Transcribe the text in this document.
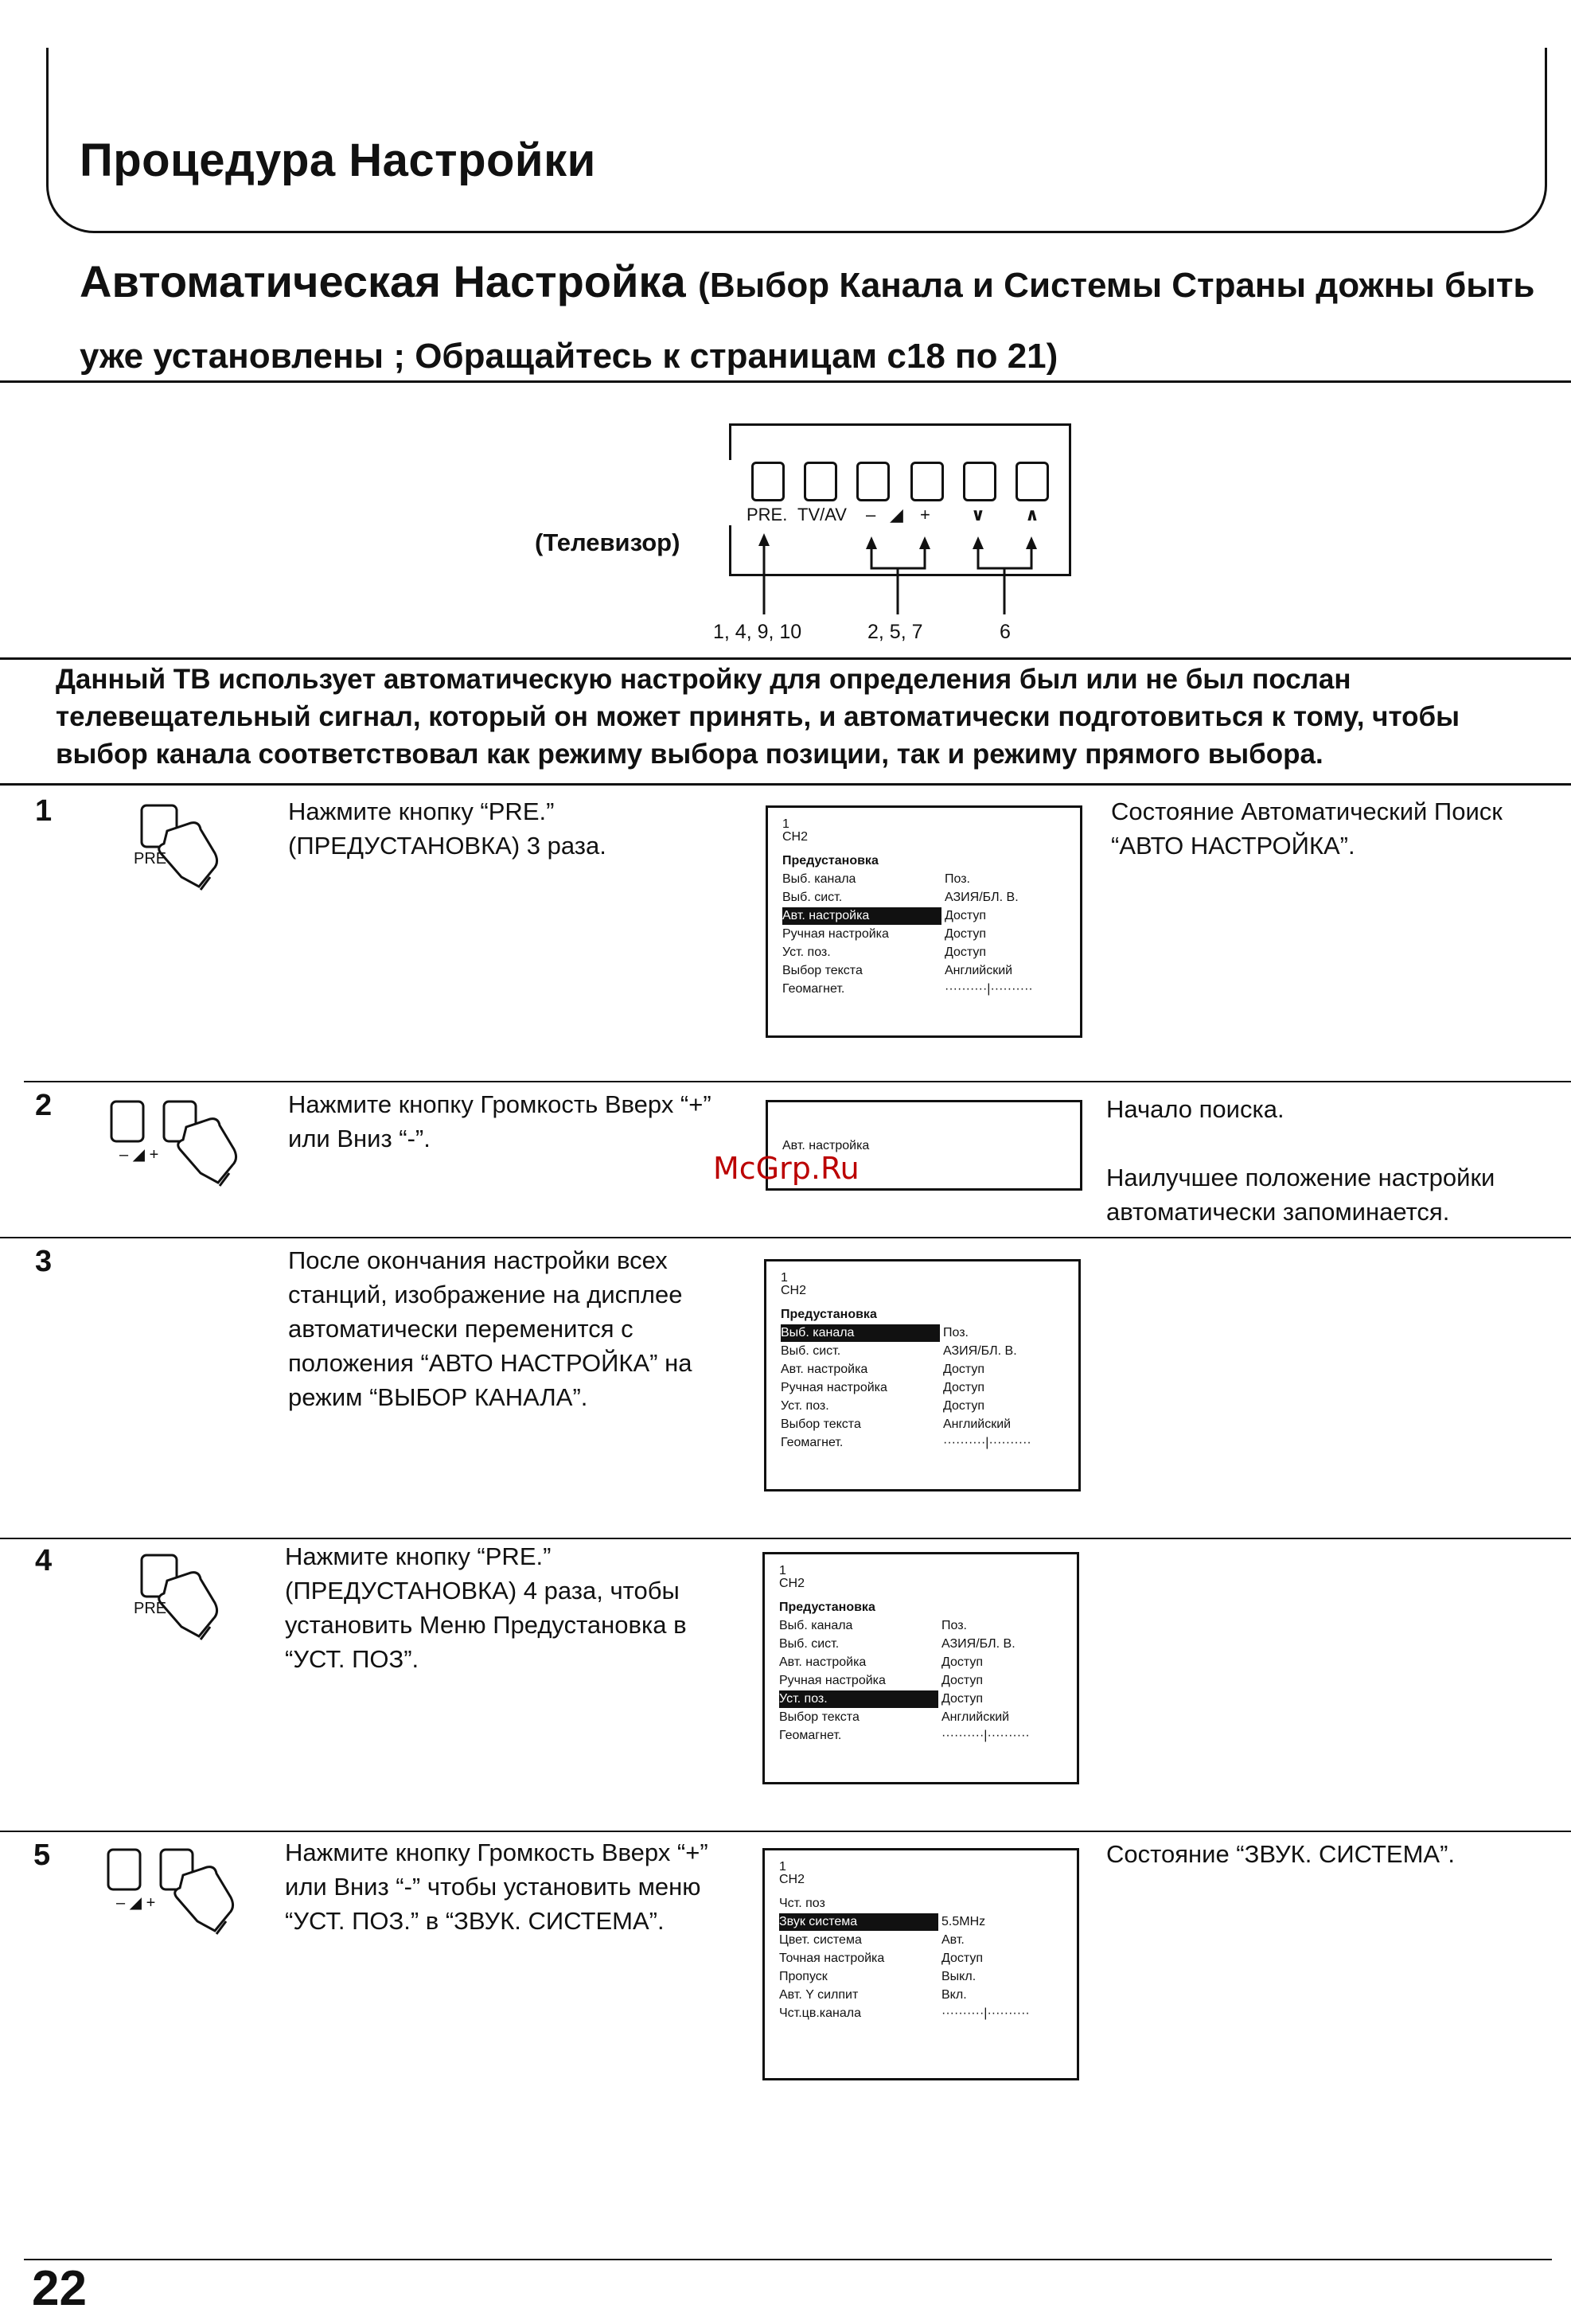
Процедура Настройки
Автоматическая Настройка (Выбор Канала и Системы Страны дожны быть
уже установлены ; Обращайтесь к страницам с18 по 21)
(Телевизор)
PRE. TV/AV – ◢ + ∨ ∧
1, 4, 9, 10	2, 5, 7	6
Данный ТВ использует автоматическую настройку для определения был или не был послан телевещательный сигнал, который он может принять, и автоматически подготовиться к тому, чтобы выбор канала соответствовал как режиму выбора позиции, так и режиму прямого выбора.
1
PRE
Нажмите кнопку “PRE.” (ПРЕДУСТАНОВКА) 3 раза.
1
CH2
Предустановка
Выб. канала	Поз.
Выб. сист.	АЗИЯ/БЛ. В.
Авт. настройка	Доступ
Ручная настройка	Доступ
Уст. поз.	Доступ
Выбор текста	Английский
Геомагнет.	··········|··········
Состояние Автоматический Поиск “АВТО НАСТРОЙКА”.
2
– ◢ +
Нажмите кнопку Громкость Вверх “+” или Вниз “-”.	Авт. настройка
Начало поиска.
Наилучшее положение настройки автоматически запоминается.
McGrp.Ru
3	После окончания настройки всех станций, изображение на дисплее автоматически переменится с положения “АВТО НАСТРОЙКА” на режим “ВЫБОР КАНАЛА”.
1
CH2
Предустановка
Выб. канала	Поз.
Выб. сист.	АЗИЯ/БЛ. В.
Авт. настройка	Доступ
Ручная настройка	Доступ
Уст. поз.	Доступ
Выбор текста	Английский
Геомагнет.	··········|··········
4
PRE
Нажмите кнопку “PRE.” (ПРЕДУСТАНОВКА) 4 раза, чтобы установить Меню Предустановка в “УСТ. ПОЗ”.
1
CH2
Предустановка
Выб. канала	Поз.
Выб. сист.	АЗИЯ/БЛ. В.
Авт. настройка	Доступ
Ручная настройка	Доступ
Уст. поз.	Доступ
Выбор текста	Английский
Геомагнет.	··········|··········
5
– ◢ +
Нажмите кнопку Громкость Вверх “+” или Вниз “-” чтобы установить меню “УСТ. ПОЗ.” в “ЗВУК. СИСТЕМА”.
1
CH2
Чст. поз
Звук система	5.5MHz
Цвет. система	Авт.
Точная настройка	Доступ
Пропуск	Выкл.
Авт. Y силпит	Вкл.
Чст.цв.канала	··········|··········
Состояние “ЗВУК. СИСТЕМА”.
22
